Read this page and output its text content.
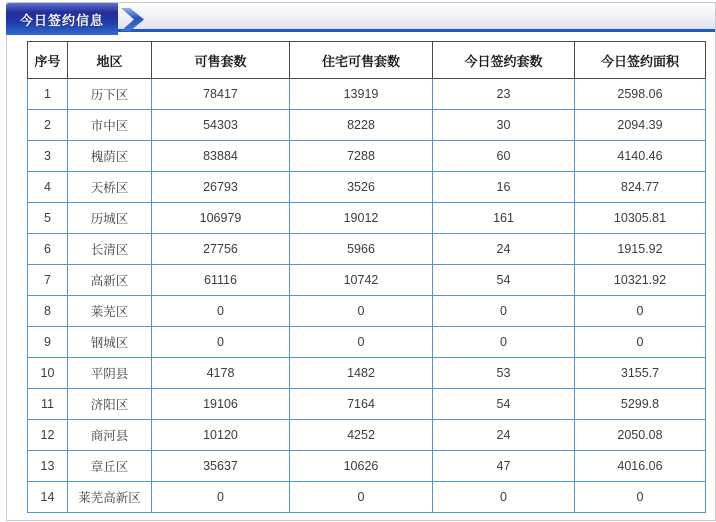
今日签约信息
序号	地区	可售套数	住宅可售套数	今日签约套数	今日签约面积
1	历下区	78417	13919	23	2598.06
2	市中区	54303	8228	30	2094.39
3	槐荫区	83884	7288	60	4140.46
4	天桥区	26793	3526	16	824.77
5	历城区	106979	19012	161	10305.81
6	长清区	27756	5966	24	1915.92
7	高新区	61116	10742	54	10321.92
8	莱芜区	0	0	0	0
9	钢城区	0	0	0	0
10	平阴县	4178	1482	53	3155.7
11	济阳区	19106	7164	54	5299.8
12	商河县	10120	4252	24	2050.08
13	章丘区	35637	10626	47	4016.06
14	莱芜高新区	0	0	0	0
